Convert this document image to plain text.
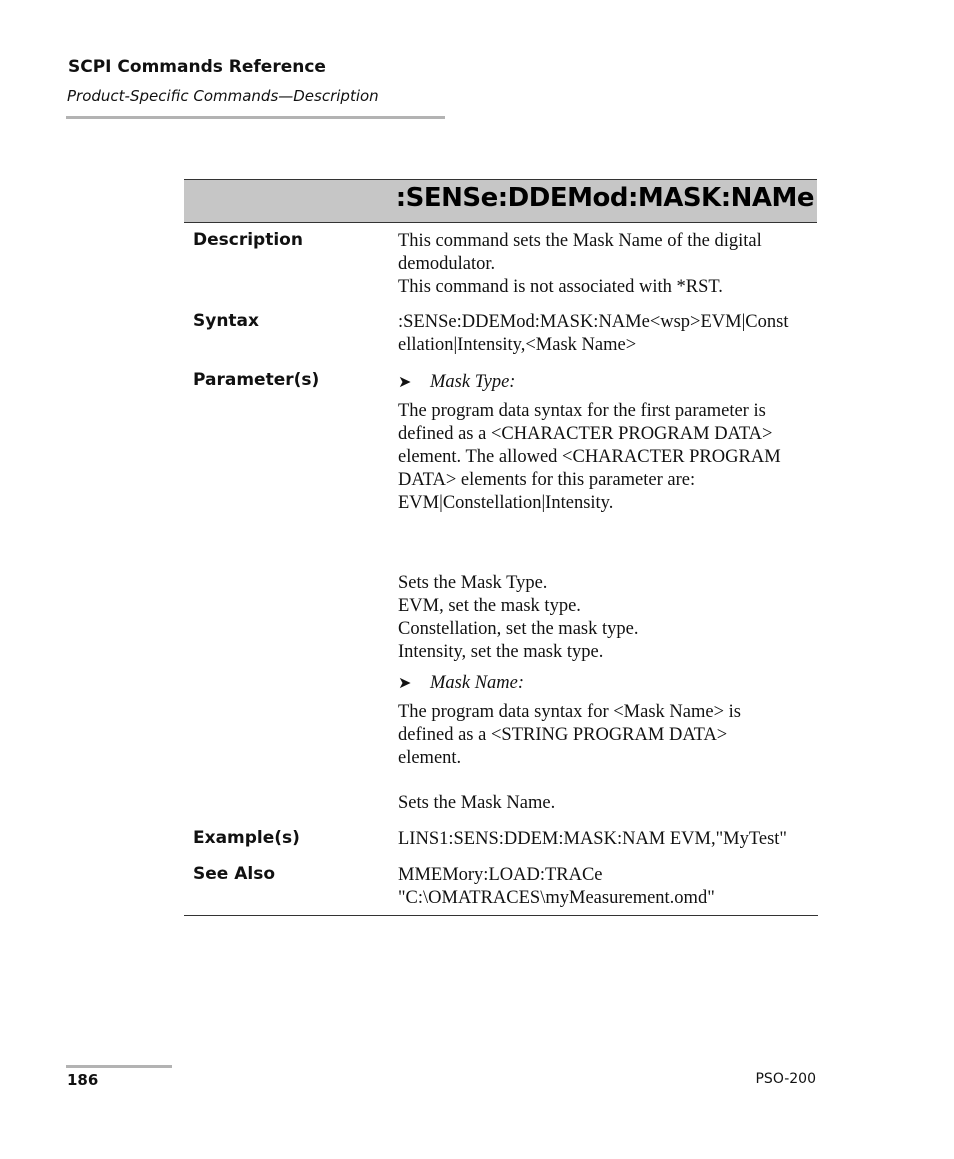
SCPI Commands Reference
Product-Specific Commands—Description
:SENSe:DDEMod:MASK:NAMe
Description	This command sets the Mask Name of the digital
demodulator.
This command is not associated with *RST.
Syntax	:SENSe:DDEMod:MASK:NAMe<wsp>EVM|Const
ellation|Intensity,<Mask Name>
Parameter(s)	➤ Mask Type:
The program data syntax for the first parameter is
defined as a <CHARACTER PROGRAM DATA>
element. The allowed <CHARACTER PROGRAM
DATA> elements for this parameter are:
EVM|Constellation|Intensity.
Sets the Mask Type.
EVM, set the mask type.
Constellation, set the mask type.
Intensity, set the mask type.
➤ Mask Name:
The program data syntax for <Mask Name> is
defined as a <STRING PROGRAM DATA>
element.
Sets the Mask Name.
Example(s)	LINS1:SENS:DDEM:MASK:NAM EVM,"MyTest"
See Also	MMEMory:LOAD:TRACe
"C:\OMATRACES\myMeasurement.omd"
186	PSO-200
